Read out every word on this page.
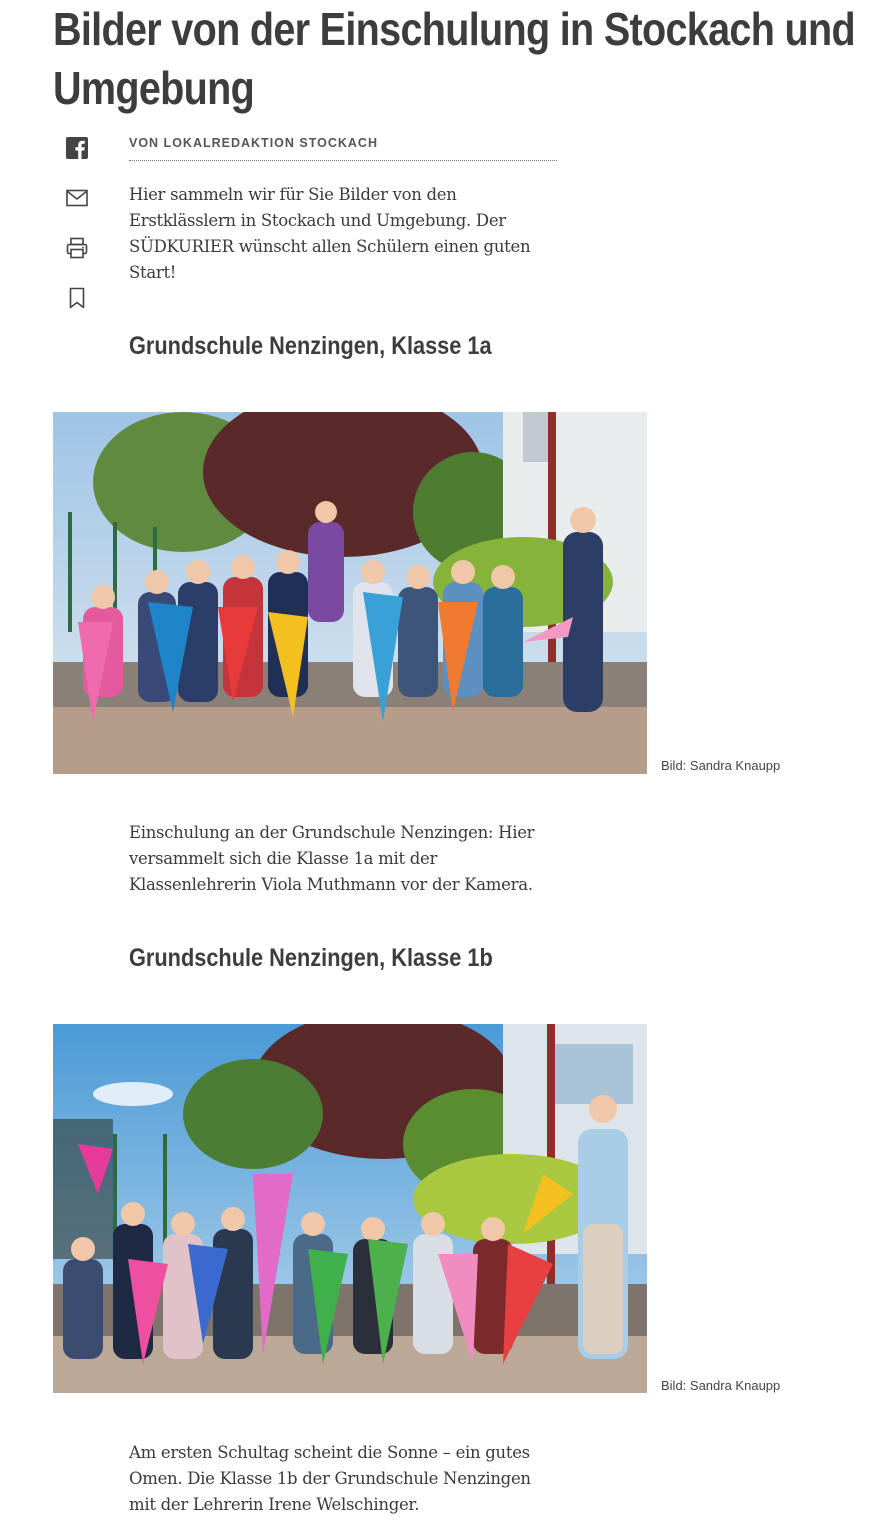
Bilder von der Einschulung in Stockach und Umgebung
VON LOKALREDAKTION STOCKACH

Hier sammeln wir für Sie Bilder von den Erstklässlern in Stockach und Umgebung. Der SÜDKURIER wünscht allen Schülern einen guten Start!

Grundschule Nenzingen, Klasse 1a
Bild: Sandra Knaupp

Einschulung an der Grundschule Nenzingen: Hier versammelt sich die Klasse 1a mit der Klassenlehrerin Viola Muthmann vor der Kamera.

Grundschule Nenzingen, Klasse 1b
Bild: Sandra Knaupp

Am ersten Schultag scheint die Sonne – ein gutes Omen. Die Klasse 1b der Grundschule Nenzingen mit der Lehrerin Irene Welschinger.
